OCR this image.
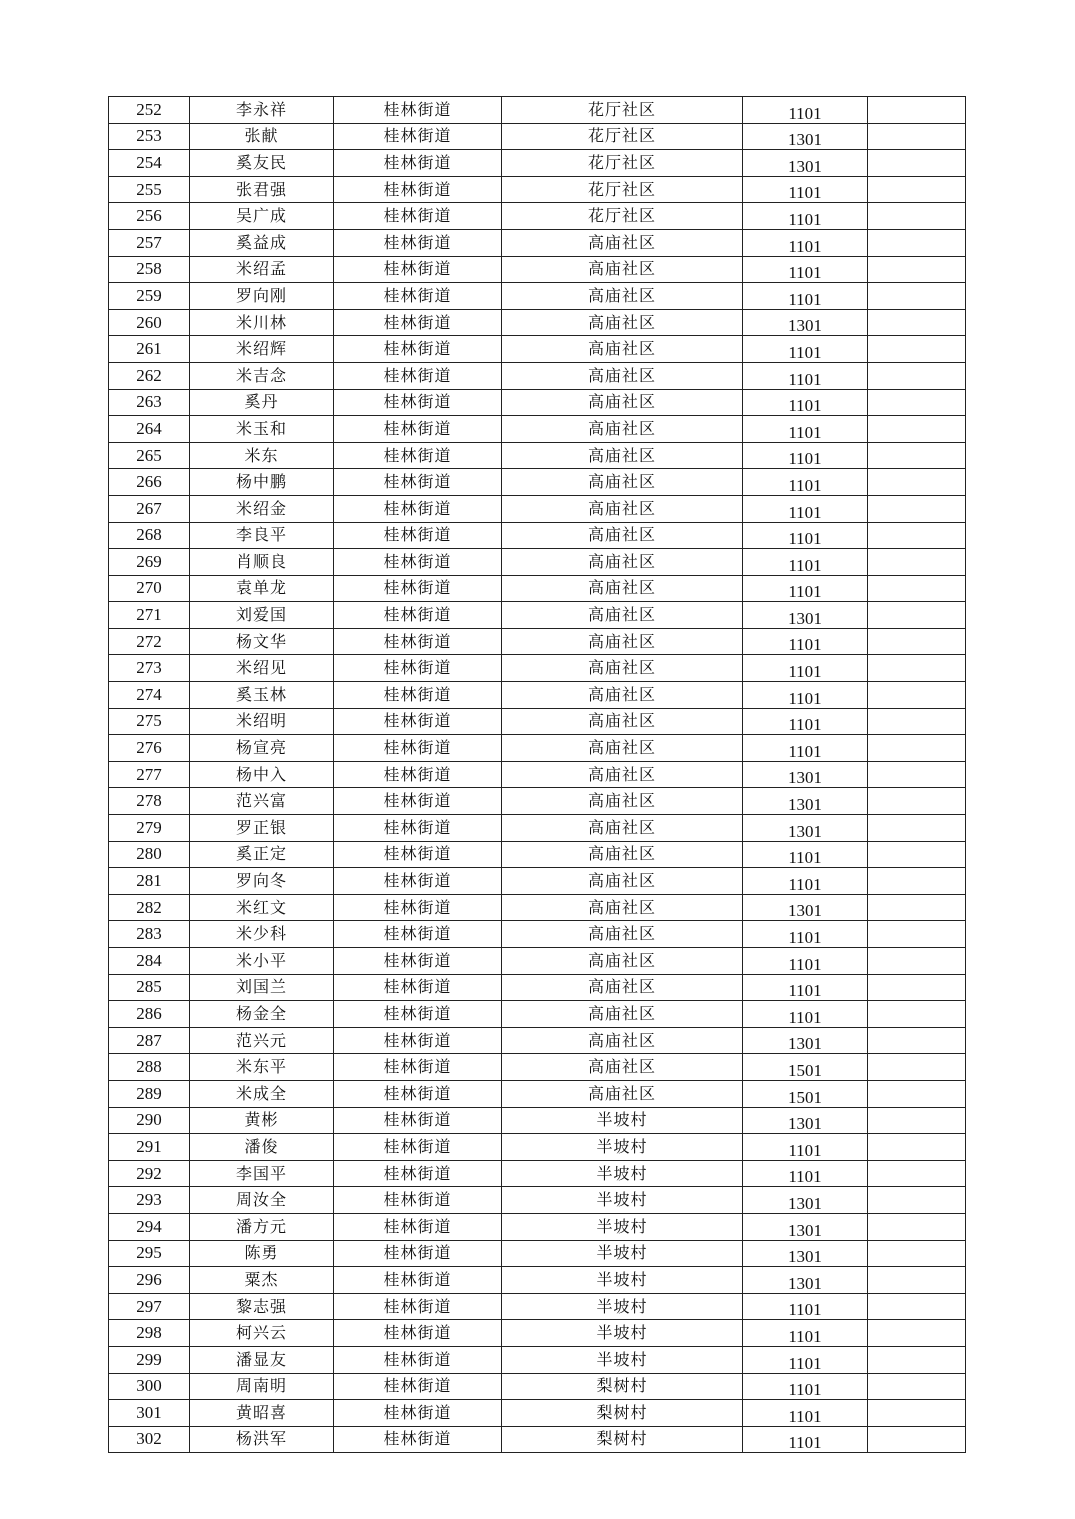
252	李永祥	桂林街道	花厅社区	1101	
253	张献	桂林街道	花厅社区	1301	
254	奚友民	桂林街道	花厅社区	1301	
255	张君强	桂林街道	花厅社区	1101	
256	吴广成	桂林街道	花厅社区	1101	
257	奚益成	桂林街道	高庙社区	1101	
258	米绍孟	桂林街道	高庙社区	1101	
259	罗向刚	桂林街道	高庙社区	1101	
260	米川林	桂林街道	高庙社区	1301	
261	米绍辉	桂林街道	高庙社区	1101	
262	米吉念	桂林街道	高庙社区	1101	
263	奚丹	桂林街道	高庙社区	1101	
264	米玉和	桂林街道	高庙社区	1101	
265	米东	桂林街道	高庙社区	1101	
266	杨中鹏	桂林街道	高庙社区	1101	
267	米绍金	桂林街道	高庙社区	1101	
268	李良平	桂林街道	高庙社区	1101	
269	肖顺良	桂林街道	高庙社区	1101	
270	袁单龙	桂林街道	高庙社区	1101	
271	刘爱国	桂林街道	高庙社区	1301	
272	杨文华	桂林街道	高庙社区	1101	
273	米绍见	桂林街道	高庙社区	1101	
274	奚玉林	桂林街道	高庙社区	1101	
275	米绍明	桂林街道	高庙社区	1101	
276	杨宣亮	桂林街道	高庙社区	1101	
277	杨中入	桂林街道	高庙社区	1301	
278	范兴富	桂林街道	高庙社区	1301	
279	罗正银	桂林街道	高庙社区	1301	
280	奚正定	桂林街道	高庙社区	1101	
281	罗向冬	桂林街道	高庙社区	1101	
282	米红文	桂林街道	高庙社区	1301	
283	米少科	桂林街道	高庙社区	1101	
284	米小平	桂林街道	高庙社区	1101	
285	刘国兰	桂林街道	高庙社区	1101	
286	杨金全	桂林街道	高庙社区	1101	
287	范兴元	桂林街道	高庙社区	1301	
288	米东平	桂林街道	高庙社区	1501	
289	米成全	桂林街道	高庙社区	1501	
290	黄彬	桂林街道	半坡村	1301	
291	潘俊	桂林街道	半坡村	1101	
292	李国平	桂林街道	半坡村	1101	
293	周汝全	桂林街道	半坡村	1301	
294	潘方元	桂林街道	半坡村	1301	
295	陈勇	桂林街道	半坡村	1301	
296	粟杰	桂林街道	半坡村	1301	
297	黎志强	桂林街道	半坡村	1101	
298	柯兴云	桂林街道	半坡村	1101	
299	潘显友	桂林街道	半坡村	1101	
300	周南明	桂林街道	梨树村	1101	
301	黄昭喜	桂林街道	梨树村	1101	
302	杨洪军	桂林街道	梨树村	1101	
